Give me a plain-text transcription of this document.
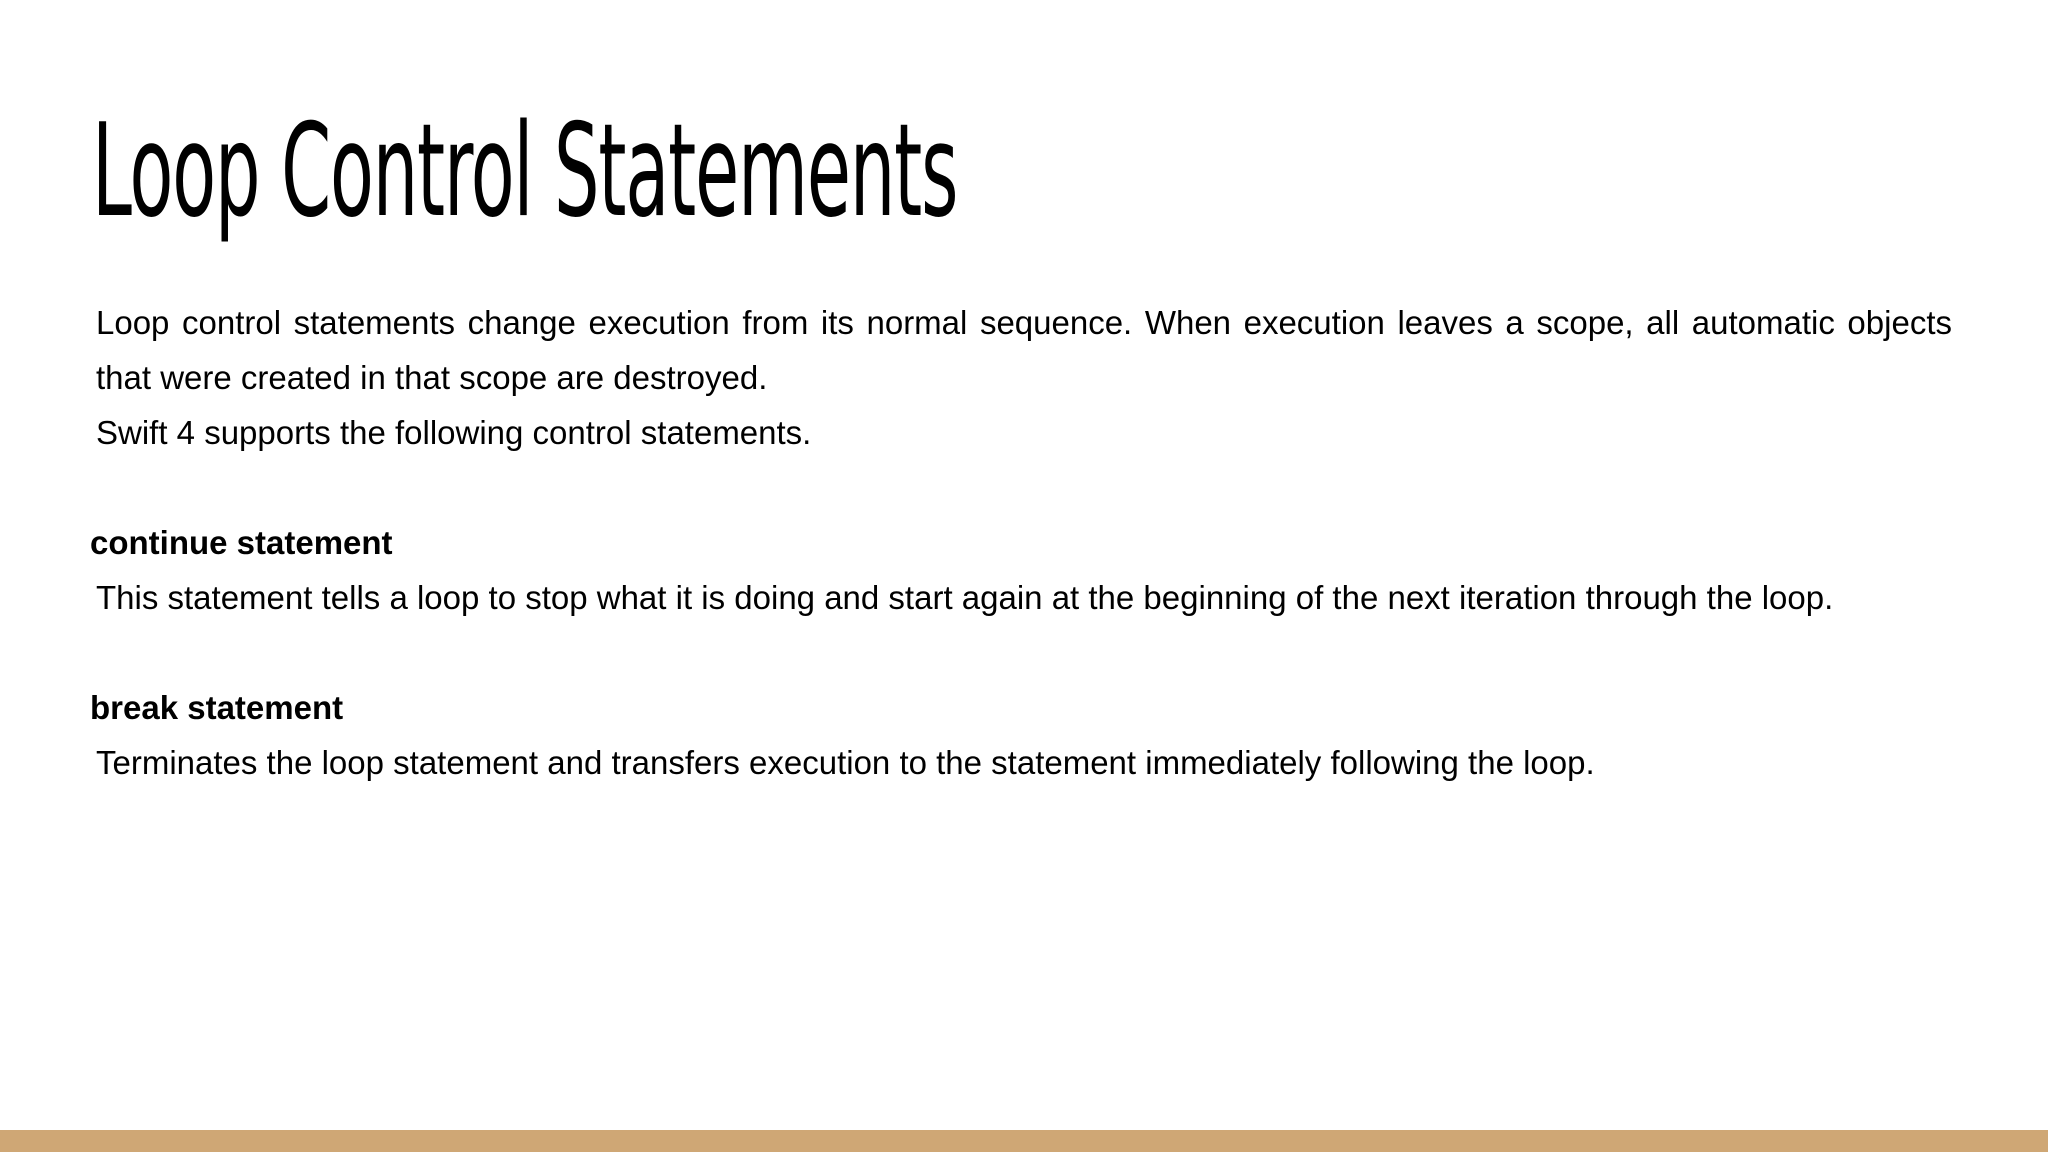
Loop Control Statements

Loop control statements change execution from its normal sequence. When execution leaves a scope, all automatic objects that were created in that scope are destroyed.

Swift 4 supports the following control statements.

continue statement

This statement tells a loop to stop what it is doing and start again at the beginning of the next iteration through the loop.

break statement

Terminates the loop statement and transfers execution to the statement immediately following the loop.
